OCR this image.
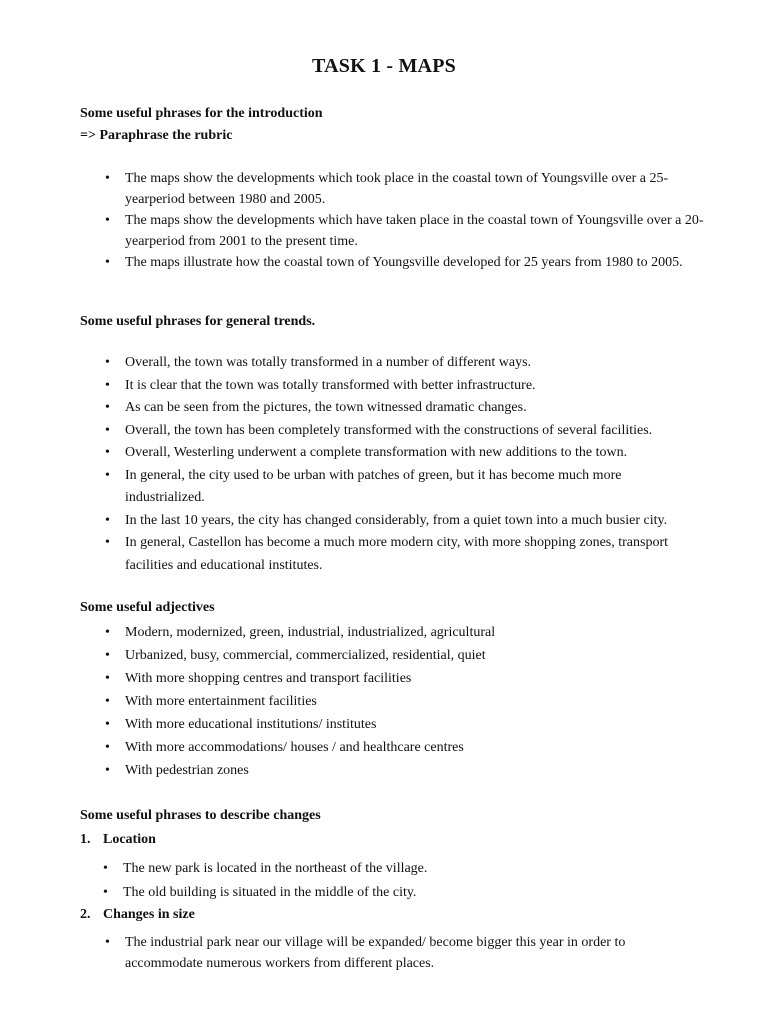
TASK 1 - MAPS
Some useful phrases for the introduction
=> Paraphrase the rubric
• The maps show the developments which took place in the coastal town of Youngsville over a 25-yearperiod between 1980 and 2005.
• The maps show the developments which have taken place in the coastal town of Youngsville over a 20-yearperiod from 2001 to the present time.
• The maps illustrate how the coastal town of Youngsville developed for 25 years from 1980 to 2005.
Some useful phrases for general trends.
• Overall, the town was totally transformed in a number of different ways.
• It is clear that the town was totally transformed with better infrastructure.
• As can be seen from the pictures, the town witnessed dramatic changes.
• Overall, the town has been completely transformed with the constructions of several facilities.
• Overall, Westerling underwent a complete transformation with new additions to the town.
• In general, the city used to be urban with patches of green, but it has become much more industrialized.
• In the last 10 years, the city has changed considerably, from a quiet town into a much busier city.
• In general, Castellon has become a much more modern city, with more shopping zones, transport facilities and educational institutes.
Some useful adjectives
• Modern, modernized, green, industrial, industrialized, agricultural
• Urbanized, busy, commercial, commercialized, residential, quiet
• With more shopping centres and transport facilities
• With more entertainment facilities
• With more educational institutions/ institutes
• With more accommodations/ houses / and healthcare centres
• With pedestrian zones
Some useful phrases to describe changes
1. Location
• The new park is located in the northeast of the village.
• The old building is situated in the middle of the city.
2. Changes in size
• The industrial park near our village will be expanded/ become bigger this year in order to accommodate numerous workers from different places.
